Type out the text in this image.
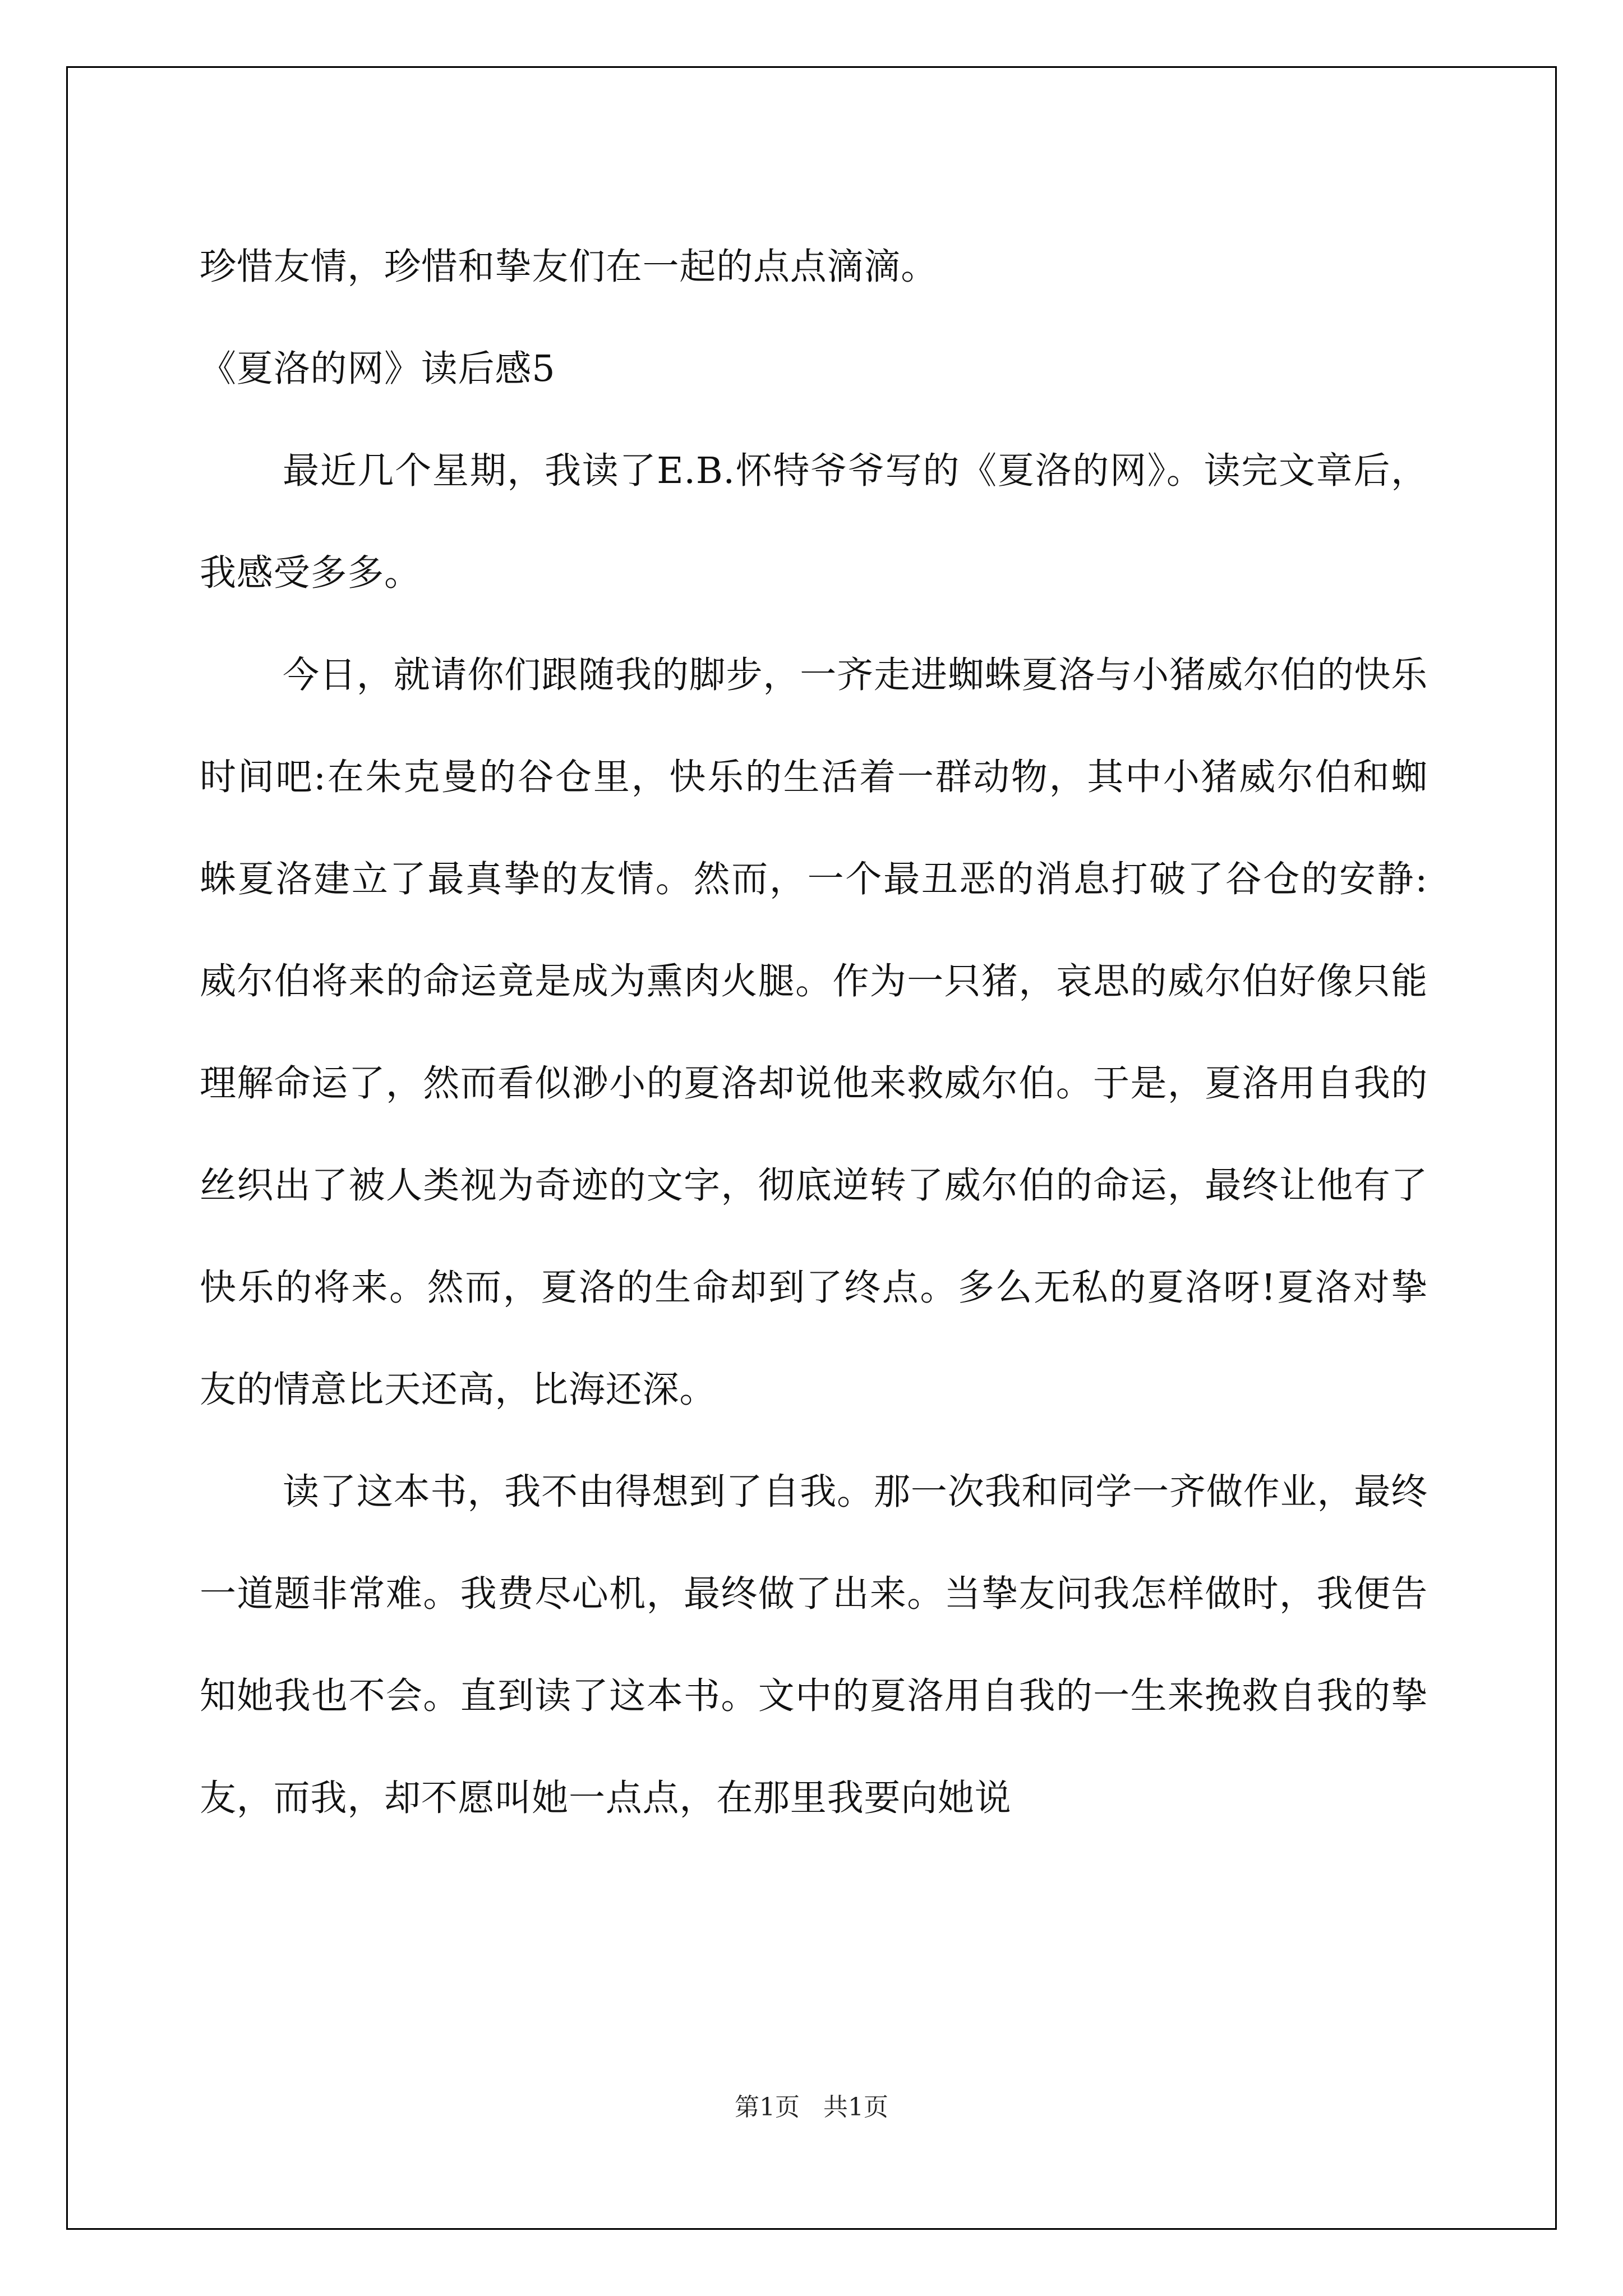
珍惜友情，珍惜和挚友们在一起的点点滴滴。

《夏洛的网》读后感5

最近几个星期，我读了E.B.怀特爷爷写的《夏洛的网》。读完文章后，我感受多多。

今日，就请你们跟随我的脚步，一齐走进蜘蛛夏洛与小猪威尔伯的快乐时间吧:在朱克曼的谷仓里，快乐的生活着一群动物，其中小猪威尔伯和蜘蛛夏洛建立了最真挚的友情。然而，一个最丑恶的消息打破了谷仓的安静:威尔伯将来的命运竟是成为熏肉火腿。作为一只猪，哀思的威尔伯好像只能理解命运了，然而看似渺小的夏洛却说他来救威尔伯。于是，夏洛用自我的丝织出了被人类视为奇迹的文字，彻底逆转了威尔伯的命运，最终让他有了快乐的将来。然而，夏洛的生命却到了终点。多么无私的夏洛呀!夏洛对挚友的情意比天还高，比海还深。

读了这本书，我不由得想到了自我。那一次我和同学一齐做作业，最终一道题非常难。我费尽心机，最终做了出来。当挚友问我怎样做时，我便告知她我也不会。直到读了这本书。文中的夏洛用自我的一生来挽救自我的挚友，而我，却不愿叫她一点点，在那里我要向她说

第1页 共1页
